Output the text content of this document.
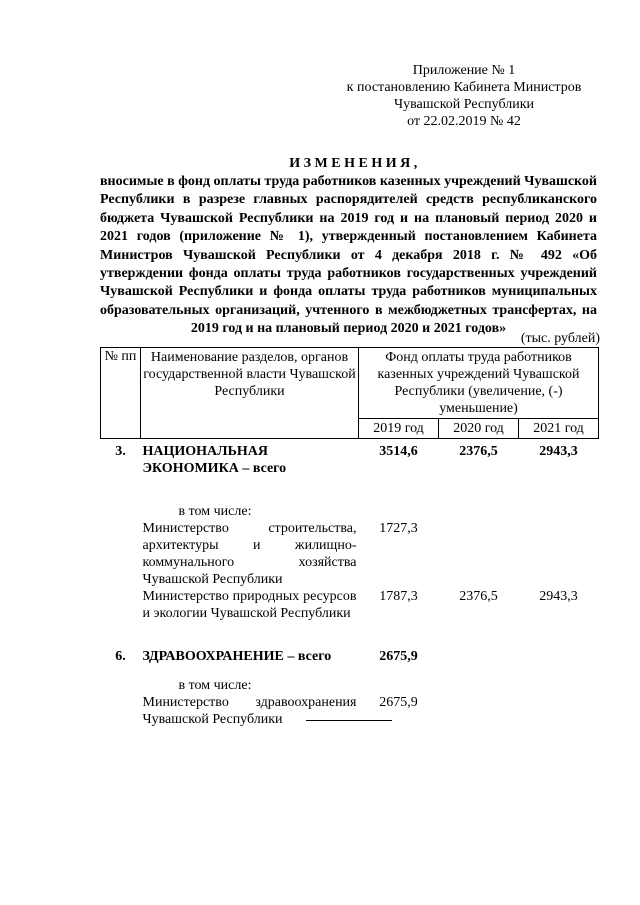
Приложение № 1
к постановлению Кабинета Министров
Чувашской Республики
от 22.02.2019 № 42
ИЗМЕНЕНИЯ,
вносимые в фонд оплаты труда работников казенных учреждений Чувашской Республики в разрезе главных распорядителей средств республиканского бюджета Чувашской Республики на 2019 год и на плановый период 2020 и 2021 годов (приложение № 1), утвержденный постановлением Кабинета Министров Чувашской Республики от 4 декабря 2018 г. № 492 «Об утверждении фонда оплаты труда работников государственных учреждений Чувашской Республики и фонда оплаты труда работников муниципальных образовательных организаций, учтенного в межбюджетных трансфертах, на 2019 год и на плановый период 2020 и 2021 годов»
(тыс. рублей)
№ пп	Наименование разделов, органов государственной власти Чувашской Республики	Фонд оплаты труда работников казенных учреждений Чувашской Республики (увеличение, (-) уменьшение)		
		2019 год	2020 год	2021 год
3.	НАЦИОНАЛЬНАЯ ЭКОНОМИКА – всего	3514,6	2376,5	2943,3
	в том числе:			
	Министерство строительства, архитектуры и жилищно-коммунального хозяйства Чувашской Республики	1727,3		
	Министерство природных ресурсов и экологии Чувашской Республики	1787,3	2376,5	2943,3
6.	ЗДРАВООХРАНЕНИЕ – всего	2675,9		
	в том числе:			
	Министерство здравоохранения Чувашской Республики	2675,9		
